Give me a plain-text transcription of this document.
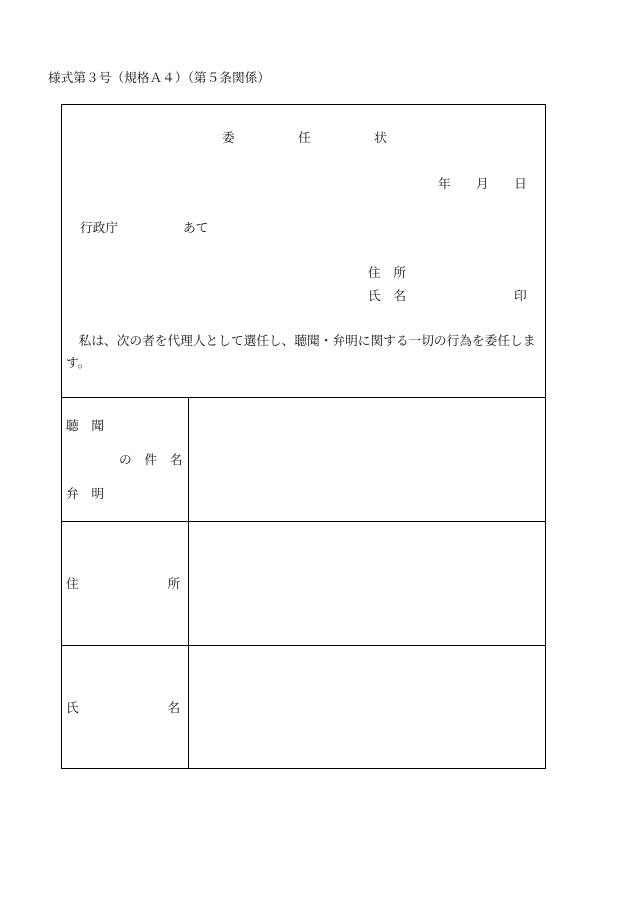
様式第３号（規格Ａ４）（第５条関係）
委　　　　　任　　　　　状
年　　月　　日
行政庁	あて
住　所
氏　名	印
　私は、次の者を代理人として選任し、聴聞・弁明に関する一切の行為を委任します。
聴　聞
の　件　名
弁　明
住　　　　　　　所
氏　　　　　　　名
